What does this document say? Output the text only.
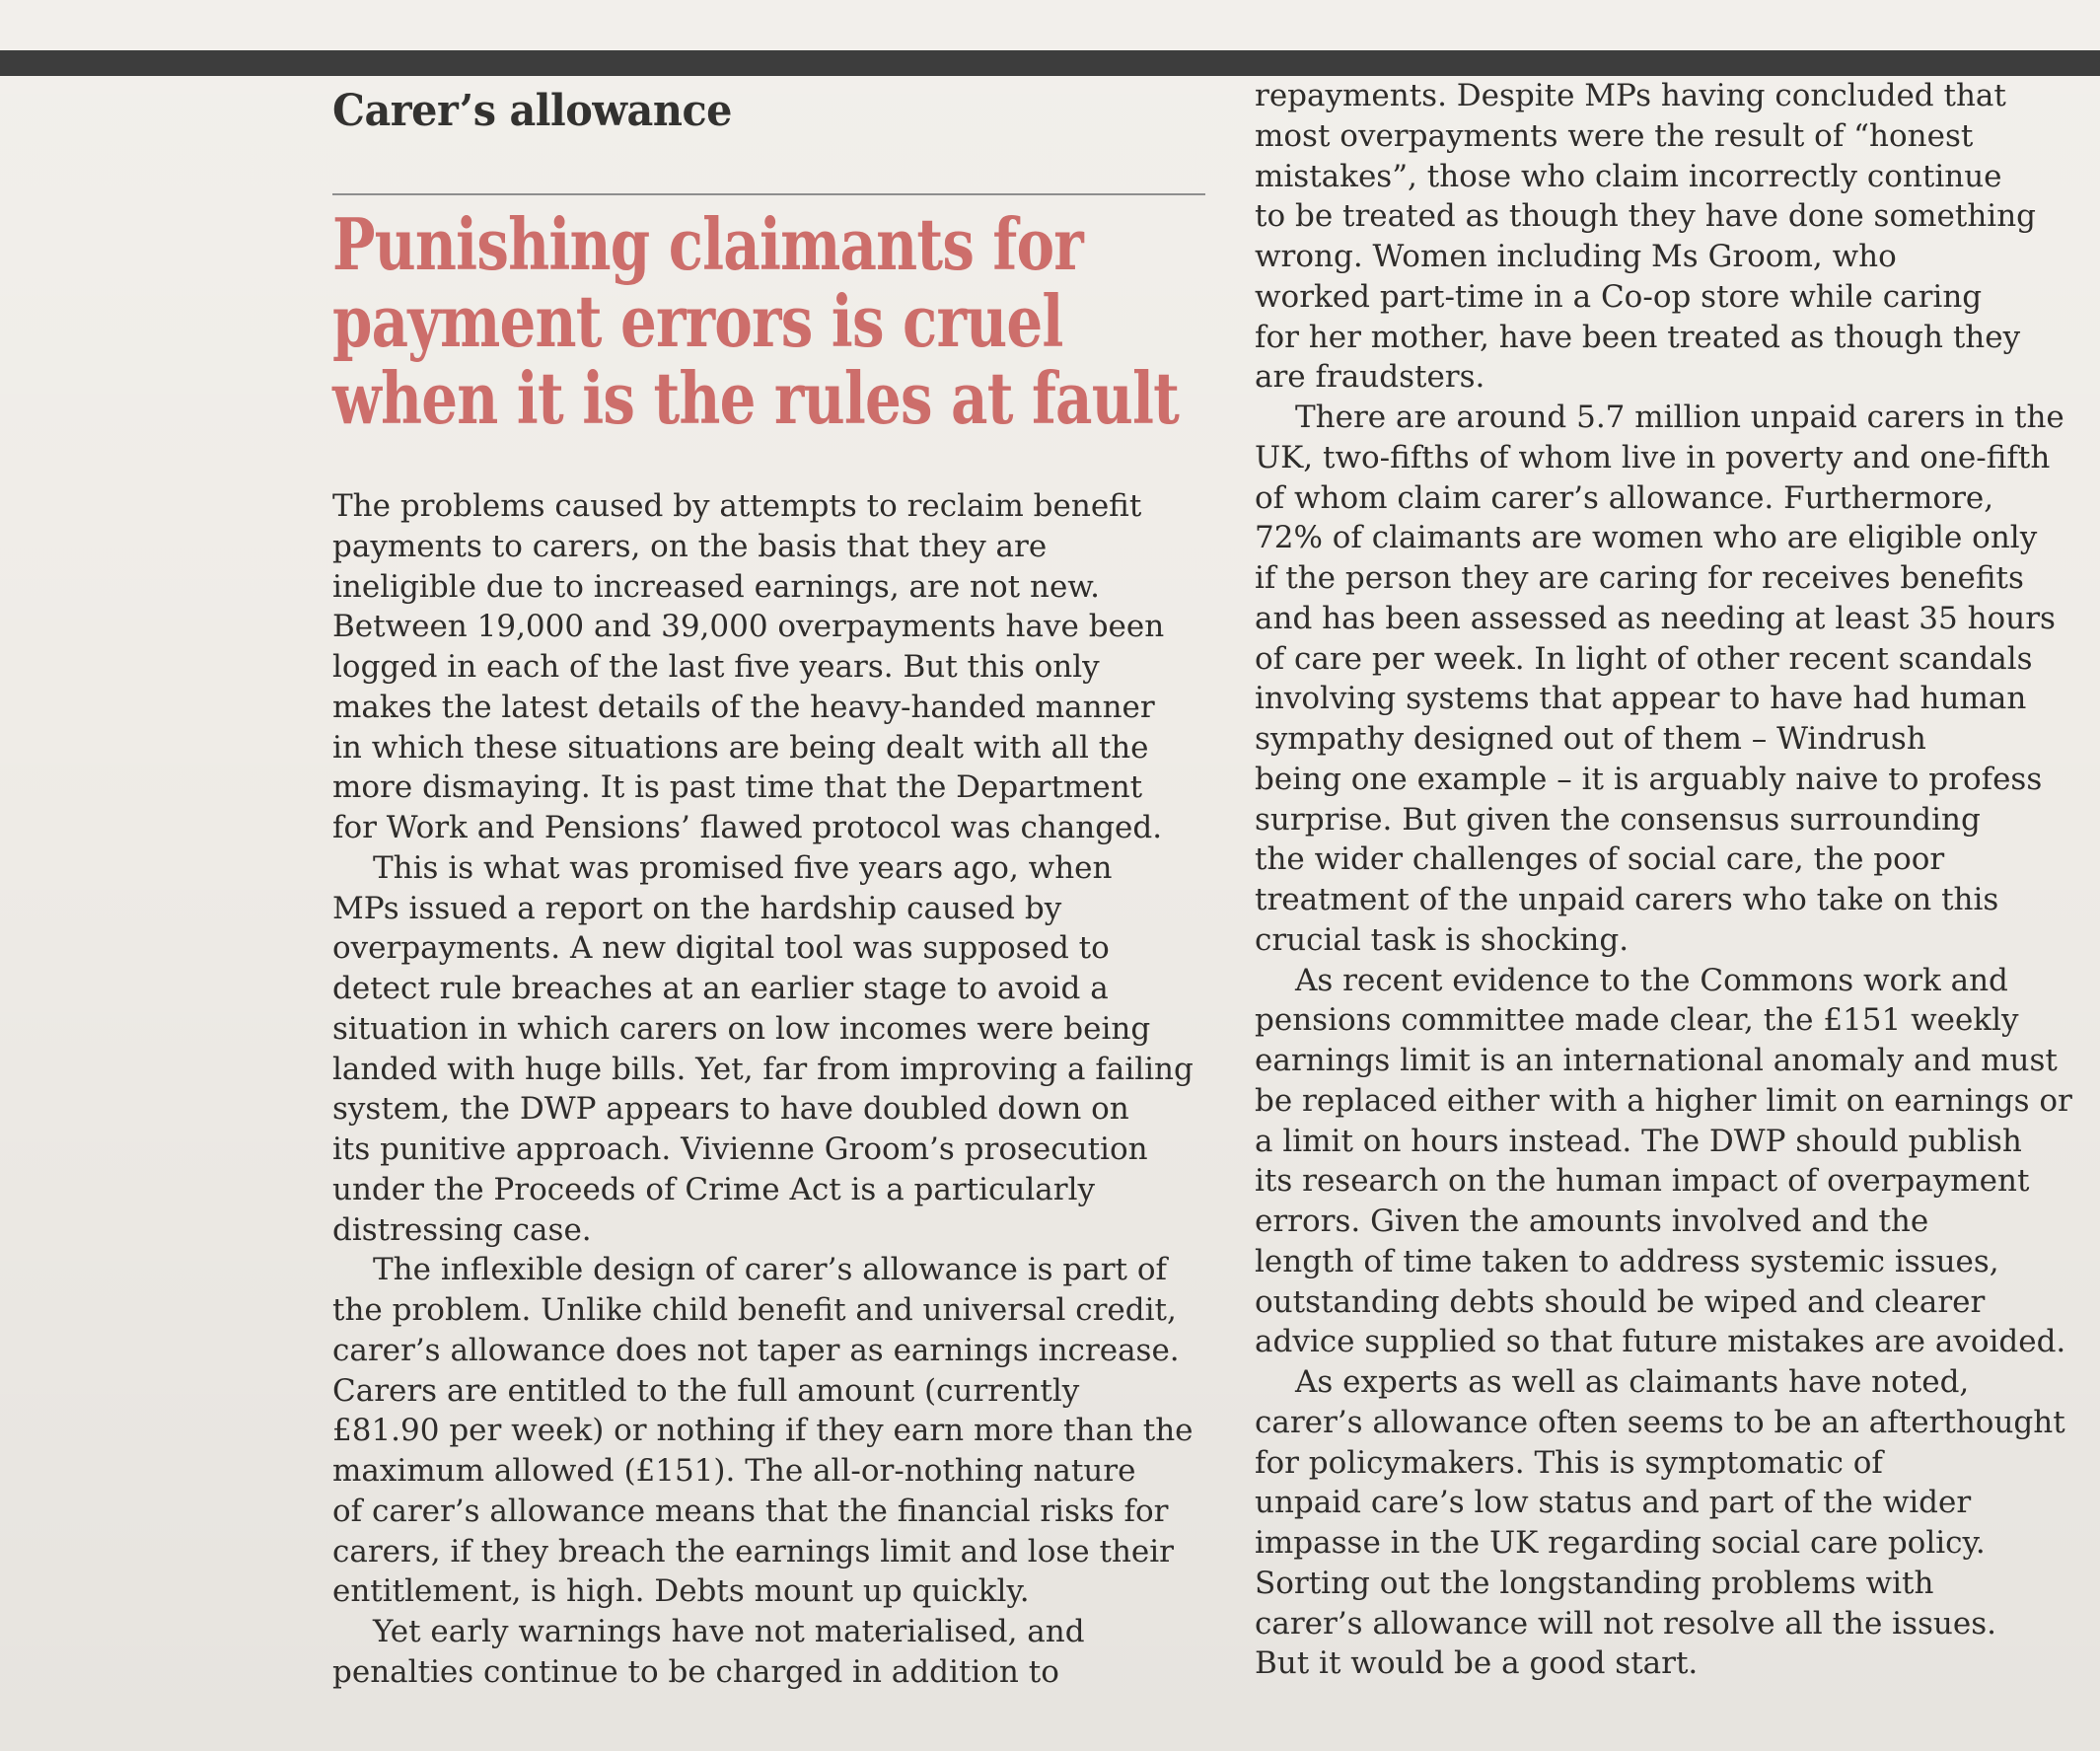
Carer’s allowance
Punishing claimants for
payment errors is cruel
when it is the rules at fault
The problems caused by attempts to reclaim benefit
payments to carers, on the basis that they are
ineligible due to increased earnings, are not new.
Between 19,000 and 39,000 overpayments have been
logged in each of the last five years. But this only
makes the latest details of the heavy-handed manner
in which these situations are being dealt with all the
more dismaying. It is past time that the Department
for Work and Pensions’ flawed protocol was changed.
This is what was promised five years ago, when
MPs issued a report on the hardship caused by
overpayments. A new digital tool was supposed to
detect rule breaches at an earlier stage to avoid a
situation in which carers on low incomes were being
landed with huge bills. Yet, far from improving a failing
system, the DWP appears to have doubled down on
its punitive approach. Vivienne Groom’s prosecution
under the Proceeds of Crime Act is a particularly
distressing case.
The inflexible design of carer’s allowance is part of
the problem. Unlike child benefit and universal credit,
carer’s allowance does not taper as earnings increase.
Carers are entitled to the full amount (currently
£81.90 per week) or nothing if they earn more than the
maximum allowed (£151). The all-or-nothing nature
of carer’s allowance means that the financial risks for
carers, if they breach the earnings limit and lose their
entitlement, is high. Debts mount up quickly.
Yet early warnings have not materialised, and
penalties continue to be charged in addition to
repayments. Despite MPs having concluded that
most overpayments were the result of “honest
mistakes”, those who claim incorrectly continue
to be treated as though they have done something
wrong. Women including Ms Groom, who
worked part-time in a Co-op store while caring
for her mother, have been treated as though they
are fraudsters.
There are around 5.7 million unpaid carers in the
UK, two-fifths of whom live in poverty and one-fifth
of whom claim carer’s allowance. Furthermore,
72% of claimants are women who are eligible only
if the person they are caring for receives benefits
and has been assessed as needing at least 35 hours
of care per week. In light of other recent scandals
involving systems that appear to have had human
sympathy designed out of them – Windrush
being one example – it is arguably naive to profess
surprise. But given the consensus surrounding
the wider challenges of social care, the poor
treatment of the unpaid carers who take on this
crucial task is shocking.
As recent evidence to the Commons work and
pensions committee made clear, the £151 weekly
earnings limit is an international anomaly and must
be replaced either with a higher limit on earnings or
a limit on hours instead. The DWP should publish
its research on the human impact of overpayment
errors. Given the amounts involved and the
length of time taken to address systemic issues,
outstanding debts should be wiped and clearer
advice supplied so that future mistakes are avoided.
As experts as well as claimants have noted,
carer’s allowance often seems to be an afterthought
for policymakers. This is symptomatic of
unpaid care’s low status and part of the wider
impasse in the UK regarding social care policy.
Sorting out the longstanding problems with
carer’s allowance will not resolve all the issues.
But it would be a good start.
